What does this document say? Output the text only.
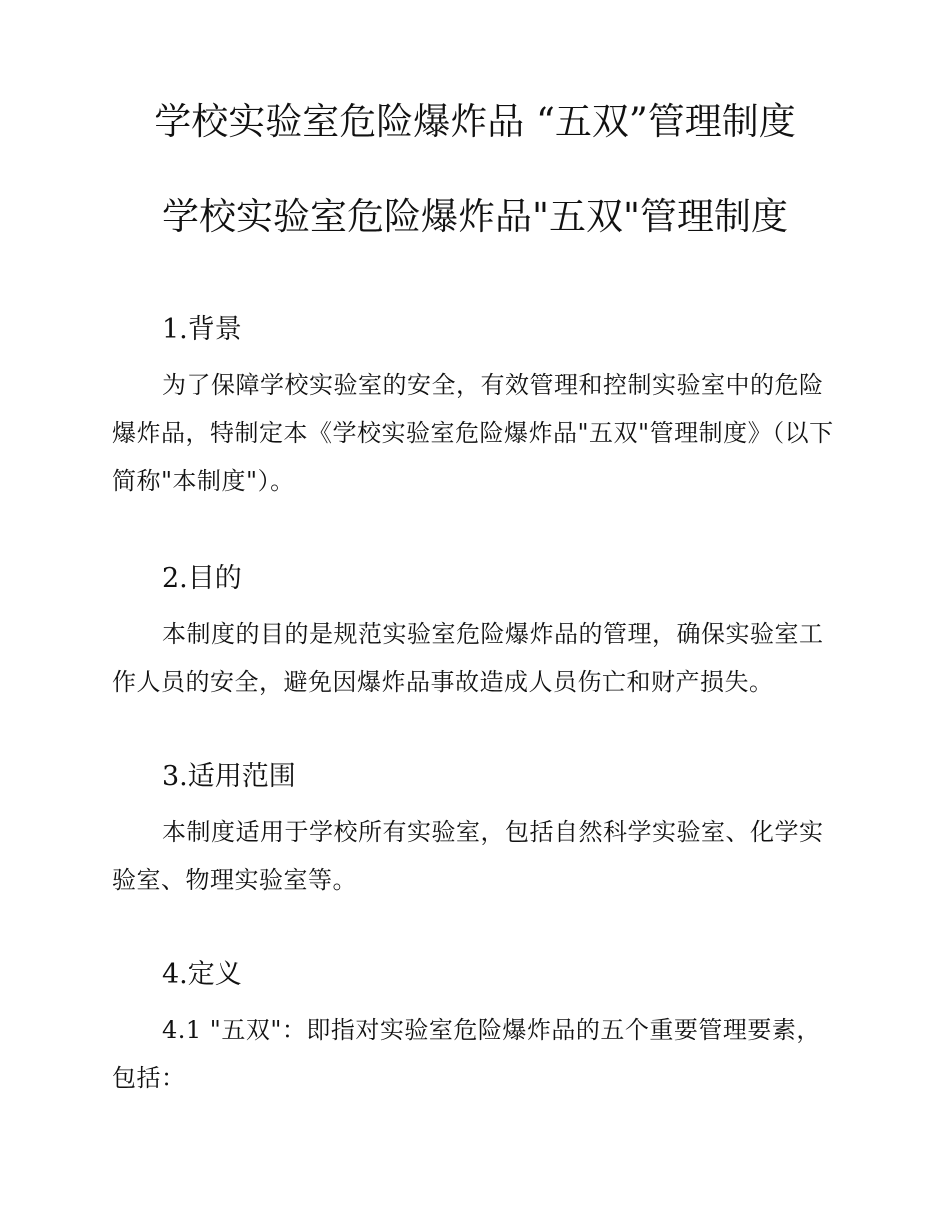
学校实验室危险爆炸品 “五双”管理制度
学校实验室危险爆炸品"五双"管理制度
1.背景

为了保障学校实验室的安全，有效管理和控制实验室中的危险爆炸品，特制定本《学校实验室危险爆炸品"五双"管理制度》（以下简称"本制度"）。

2.目的

本制度的目的是规范实验室危险爆炸品的管理，确保实验室工作人员的安全，避免因爆炸品事故造成人员伤亡和财产损失。

3.适用范围

本制度适用于学校所有实验室，包括自然科学实验室、化学实验室、物理实验室等。

4.定义

4.1 "五双"：即指对实验室危险爆炸品的五个重要管理要素，包括：
